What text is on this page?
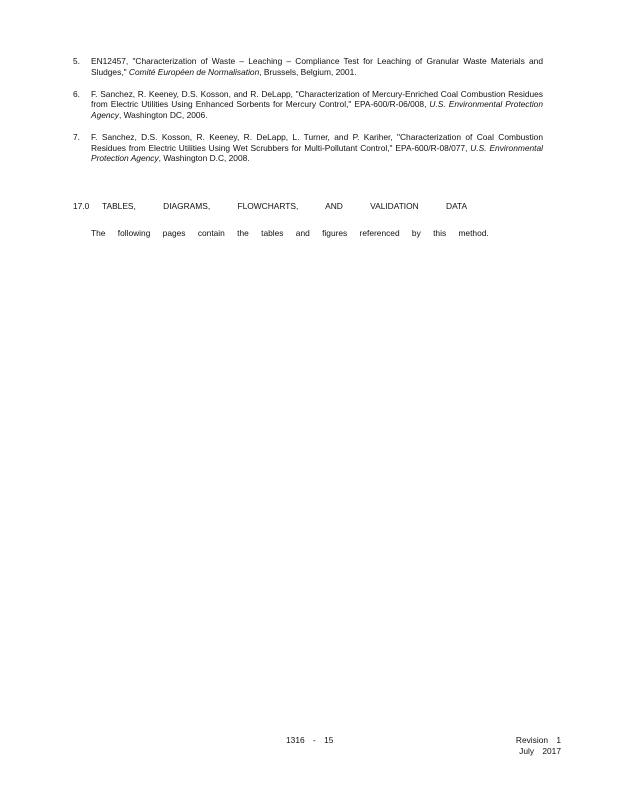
5.	EN12457, "Characterization of Waste – Leaching – Compliance Test for Leaching of Granular Waste Materials and Sludges," Comité Européen de Normalisation, Brussels, Belgium, 2001.
6.	F. Sanchez, R. Keeney, D.S. Kosson, and R. DeLapp, "Characterization of Mercury-Enriched Coal Combustion Residues from Electric Utilities Using Enhanced Sorbents for Mercury Control," EPA-600/R-06/008, U.S. Environmental Protection Agency, Washington DC, 2006.
7.	F. Sanchez, D.S. Kosson, R. Keeney, R. DeLapp, L. Turner, and P. Kariher, "Characterization of Coal Combustion Residues from Electric Utilities Using Wet Scrubbers for Multi-Pollutant Control," EPA-600/R-08/077, U.S. Environmental Protection Agency, Washington D.C, 2008.
17.0	TABLES, DIAGRAMS, FLOWCHARTS, AND VALIDATION DATA
The following pages contain the tables and figures referenced by this method.
1316 - 15	Revision 1
July 2017
